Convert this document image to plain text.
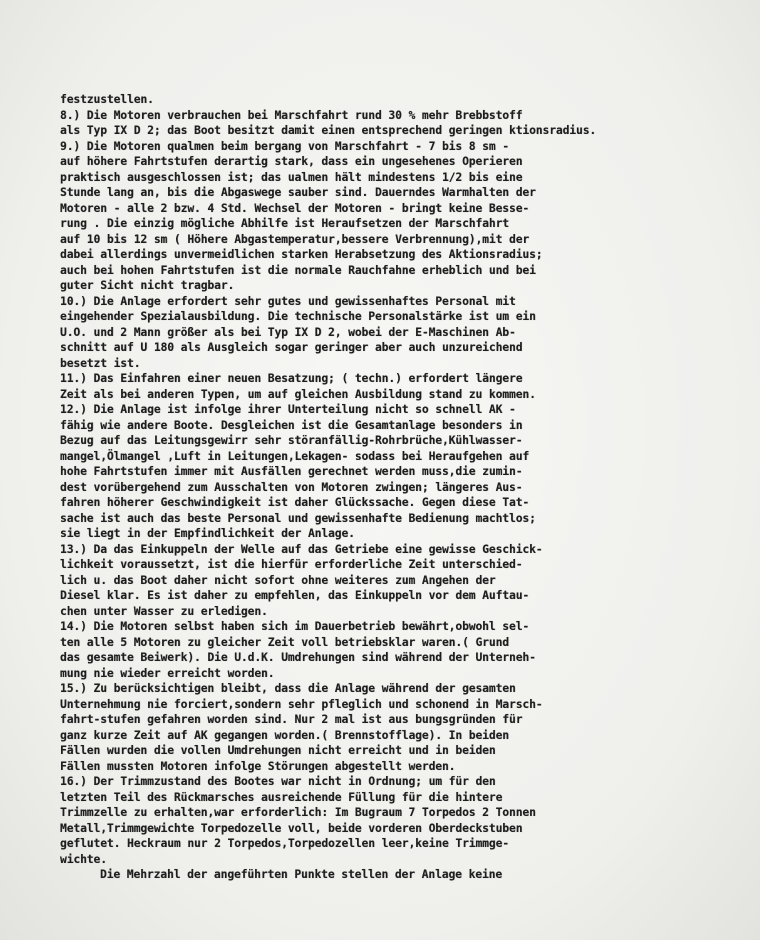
festzustellen.
8.) Die Motoren verbrauchen bei Marschfahrt rund 30 % mehr Brebbstoff
als Typ IX D 2; das Boot besitzt damit einen entsprechend geringen ktionsradius.
9.) Die Motoren qualmen beim bergang von Marschfahrt - 7 bis 8 sm -
auf höhere Fahrtstufen derartig stark, dass ein ungesehenes Operieren
praktisch ausgeschlossen ist; das ualmen hält mindestens 1/2 bis eine
Stunde lang an, bis die Abgaswege sauber sind. Dauerndes Warmhalten der
Motoren - alle 2 bzw. 4 Std. Wechsel der Motoren - bringt keine Besse-
rung . Die einzig mögliche Abhilfe ist Heraufsetzen der Marschfahrt
auf 10 bis 12 sm ( Höhere Abgastemperatur,bessere Verbrennung),mit der
dabei allerdings unvermeidlichen starken Herabsetzung des Aktionsradius;
auch bei hohen Fahrtstufen ist die normale Rauchfahne erheblich und bei
guter Sicht nicht tragbar.
10.) Die Anlage erfordert sehr gutes und gewissenhaftes Personal mit
eingehender Spezialausbildung. Die technische Personalstärke ist um ein
U.O. und 2 Mann größer als bei Typ IX D 2, wobei der E-Maschinen Ab-
schnitt auf U 180 als Ausgleich sogar geringer aber auch unzureichend
besetzt ist.
11.) Das Einfahren einer neuen Besatzung; ( techn.) erfordert längere
Zeit als bei anderen Typen, um auf gleichen Ausbildung stand zu kommen.
12.) Die Anlage ist infolge ihrer Unterteilung nicht so schnell AK -
fähig wie andere Boote. Desgleichen ist die Gesamtanlage besonders in
Bezug auf das Leitungsgewirr sehr störanfällig-Rohrbrüche,Kühlwasser-
mangel,Ölmangel ,Luft in Leitungen,Lekagen- sodass bei Heraufgehen auf
hohe Fahrtstufen immer mit Ausfällen gerechnet werden muss,die zumin-
dest vorübergehend zum Ausschalten von Motoren zwingen; längeres Aus-
fahren höherer Geschwindigkeit ist daher Glückssache. Gegen diese Tat-
sache ist auch das beste Personal und gewissenhafte Bedienung machtlos;
sie liegt in der Empfindlichkeit der Anlage.
13.) Da das Einkuppeln der Welle auf das Getriebe eine gewisse Geschick-
lichkeit voraussetzt, ist die hierfür erforderliche Zeit unterschied-
lich u. das Boot daher nicht sofort ohne weiteres zum Angehen der
Diesel klar. Es ist daher zu empfehlen, das Einkuppeln vor dem Auftau-
chen unter Wasser zu erledigen.
14.) Die Motoren selbst haben sich im Dauerbetrieb bewährt,obwohl sel-
ten alle 5 Motoren zu gleicher Zeit voll betriebsklar waren.( Grund
das gesamte Beiwerk). Die U.d.K. Umdrehungen sind während der Unterneh-
mung nie wieder erreicht worden.
15.) Zu berücksichtigen bleibt, dass die Anlage während der gesamten
Unternehmung nie forciert,sondern sehr pfleglich und schonend in Marsch-
fahrt-stufen gefahren worden sind. Nur 2 mal ist aus bungsgründen für
ganz kurze Zeit auf AK gegangen worden.( Brennstofflage). In beiden
Fällen wurden die vollen Umdrehungen nicht erreicht und in beiden
Fällen mussten Motoren infolge Störungen abgestellt werden.
16.) Der Trimmzustand des Bootes war nicht in Ordnung; um für den
letzten Teil des Rückmarsches ausreichende Füllung für die hintere
Trimmzelle zu erhalten,war erforderlich: Im Bugraum 7 Torpedos 2 Tonnen
Metall,Trimmgewichte Torpedozelle voll, beide vorderen Oberdeckstuben
geflutet. Heckraum nur 2 Torpedos,Torpedozellen leer,keine Trimmge-
wichte.
Die Mehrzahl der angeführten Punkte stellen der Anlage keine
